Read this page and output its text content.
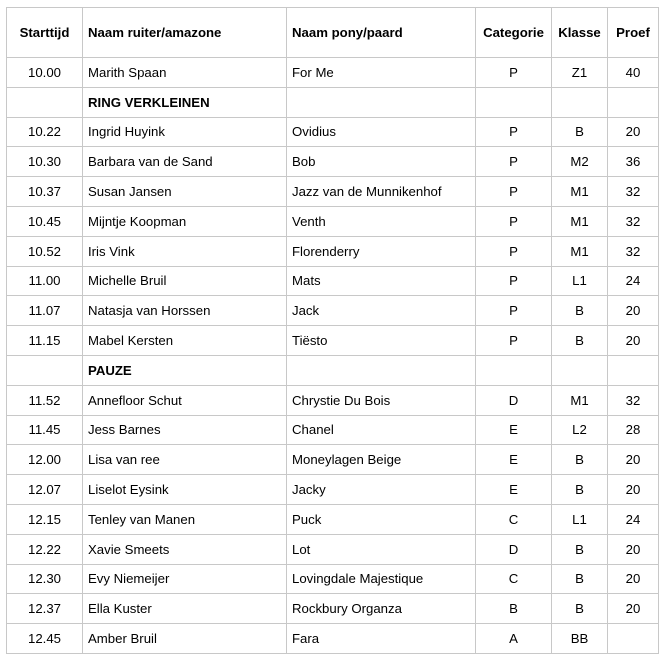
Starttijd	Naam ruiter/amazone	Naam pony/paard	Categorie	Klasse	Proef
10.00	Marith Spaan	For Me	P	Z1	40
	RING VERKLEINEN				
10.22	Ingrid Huyink	Ovidius	P	B	20
10.30	Barbara van de Sand	Bob	P	M2	36
10.37	Susan Jansen	Jazz van de Munnikenhof	P	M1	32
10.45	Mijntje Koopman	Venth	P	M1	32
10.52	Iris Vink	Florenderry	P	M1	32
11.00	Michelle Bruil	Mats	P	L1	24
11.07	Natasja van Horssen	Jack	P	B	20
11.15	Mabel Kersten	Tiësto	P	B	20
	PAUZE				
11.52	Annefloor Schut	Chrystie Du Bois	D	M1	32
11.45	Jess Barnes	Chanel	E	L2	28
12.00	Lisa van ree	Moneylagen Beige	E	B	20
12.07	Liselot Eysink	Jacky	E	B	20
12.15	Tenley van Manen	Puck	C	L1	24
12.22	Xavie Smeets	Lot	D	B	20
12.30	Evy Niemeijer	Lovingdale Majestique	C	B	20
12.37	Ella Kuster	Rockbury Organza	B	B	20
12.45	Amber Bruil	Fara	A	BB	
